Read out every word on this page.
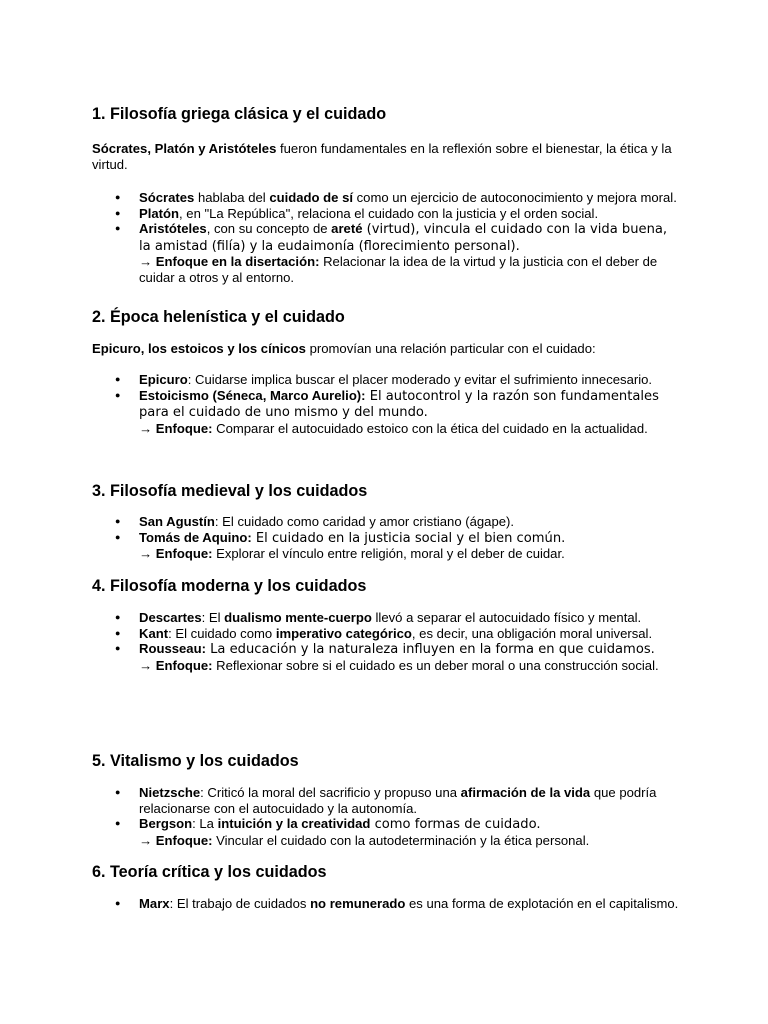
1. Filosofía griega clásica y el cuidado

Sócrates, Platón y Aristóteles fueron fundamentales en la reflexión sobre el bienestar, la ética y la virtud.

● Sócrates hablaba del cuidado de sí como un ejercicio de autoconocimiento y mejora moral.
● Platón, en "La República", relaciona el cuidado con la justicia y el orden social.
● Aristóteles, con su concepto de areté (virtud), vincula el cuidado con la vida buena, la amistad (filía) y la eudaimonía (florecimiento personal).
→ Enfoque en la disertación: Relacionar la idea de la virtud y la justicia con el deber de cuidar a otros y al entorno.
2. Época helenística y el cuidado

Epicuro, los estoicos y los cínicos promovían una relación particular con el cuidado:

● Epicuro: Cuidarse implica buscar el placer moderado y evitar el sufrimiento innecesario.
● Estoicismo (Séneca, Marco Aurelio): El autocontrol y la razón son fundamentales para el cuidado de uno mismo y del mundo.
→ Enfoque: Comparar el autocuidado estoico con la ética del cuidado en la actualidad.
3. Filosofía medieval y los cuidados
● San Agustín: El cuidado como caridad y amor cristiano (ágape).
● Tomás de Aquino: El cuidado en la justicia social y el bien común.
→ Enfoque: Explorar el vínculo entre religión, moral y el deber de cuidar.
4. Filosofía moderna y los cuidados
● Descartes: El dualismo mente-cuerpo llevó a separar el autocuidado físico y mental.
● Kant: El cuidado como imperativo categórico, es decir, una obligación moral universal.
● Rousseau: La educación y la naturaleza influyen en la forma en que cuidamos.
→ Enfoque: Reflexionar sobre si el cuidado es un deber moral o una construcción social.
5. Vitalismo y los cuidados
● Nietzsche: Criticó la moral del sacrificio y propuso una afirmación de la vida que podría relacionarse con el autocuidado y la autonomía.
● Bergson: La intuición y la creatividad como formas de cuidado.
→ Enfoque: Vincular el cuidado con la autodeterminación y la ética personal.
6. Teoría crítica y los cuidados
● Marx: El trabajo de cuidados no remunerado es una forma de explotación en el capitalismo.
